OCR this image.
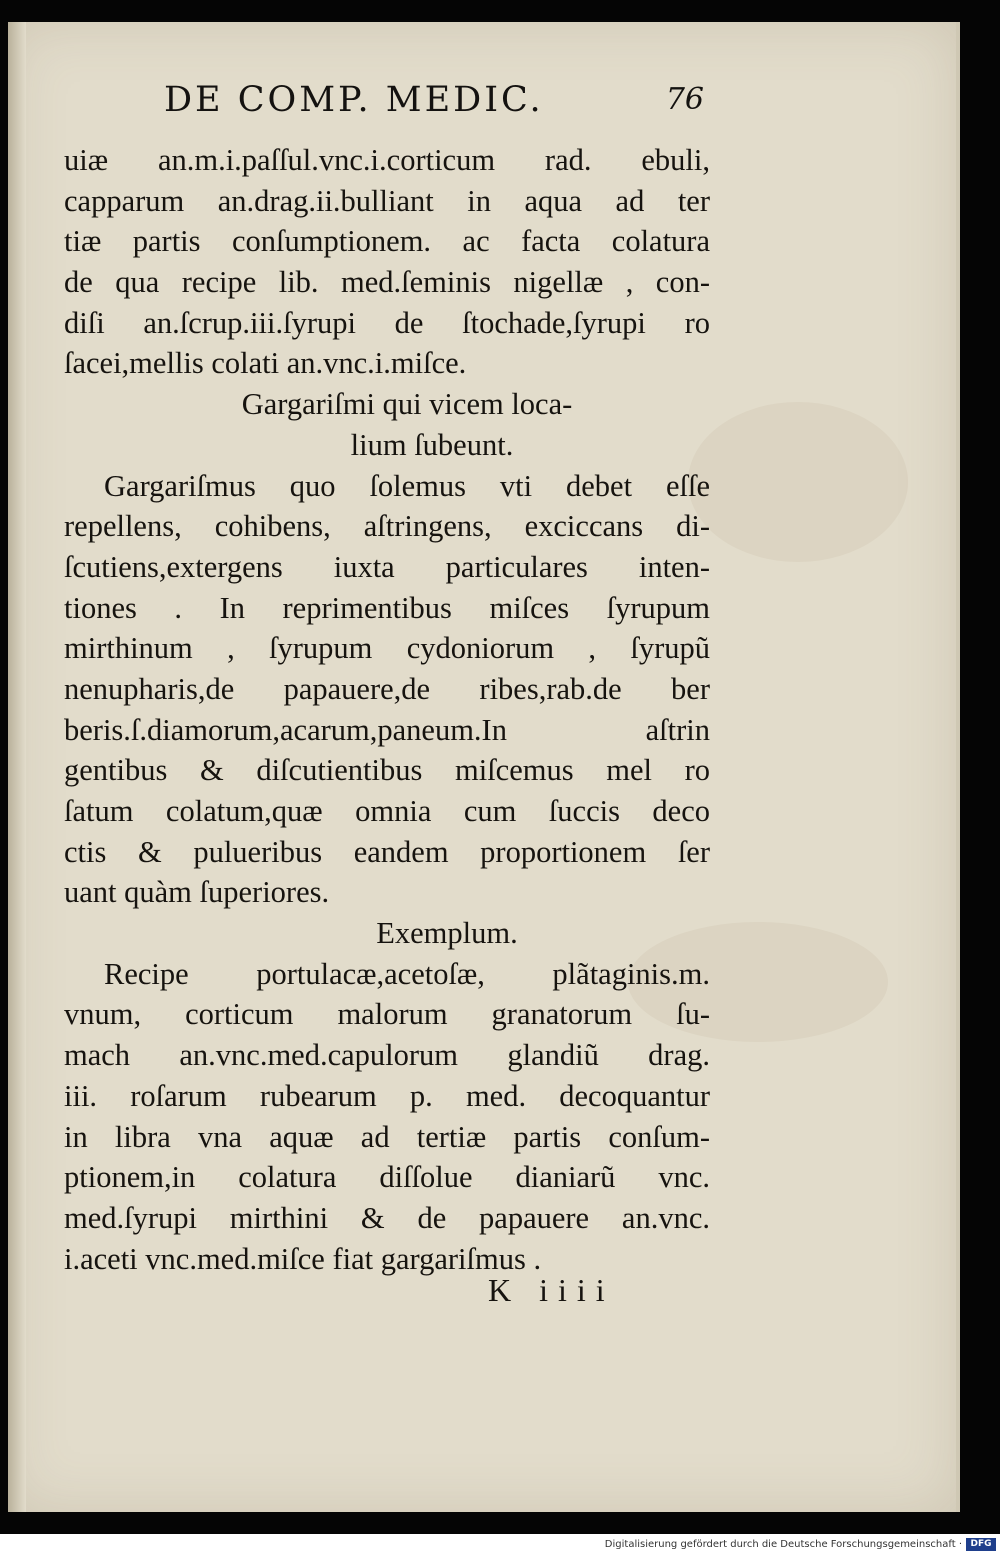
DE COMP. MEDIC.	76
uiæ an.m.i.paſſul.vnc.i.corticum rad. ebuli,
capparum an.drag.ii.bulliant in aqua ad ter
tiæ partis conſumptionem. ac facta colatura
de qua recipe lib. med.ſeminis nigellæ , con-
diſi an.ſcrup.iii.ſyrupi de ſtochade,ſyrupi ro
ſacei,mellis colati an.vnc.i.miſce.
Gargariſmi qui vicem loca-
lium ſubeunt.
Gargariſmus quo ſolemus vti debet eſſe
repellens, cohibens, aſtringens, exciccans di-
ſcutiens,extergens iuxta particulares inten-
tiones . In reprimentibus miſces ſyrupum
mirthinum , ſyrupum cydoniorum , ſyrupũ
nenupharis,de papauere,de ribes,rab.de ber
beris.ſ.diamorum,acarum,paneum.In aſtrin
gentibus & diſcutientibus miſcemus mel ro
ſatum colatum,quæ omnia cum ſuccis deco
ctis & pulueribus eandem proportionem ſer
uant quàm ſuperiores.
Exemplum.
Recipe portulacæ,acetoſæ, plãtaginis.m.
vnum, corticum malorum granatorum ſu-
mach an.vnc.med.capulorum glandiũ drag.
iii. roſarum rubearum p. med. decoquantur
in libra vna aquæ ad tertiæ partis conſum-
ptionem,in colatura diſſolue dianiarũ vnc.
med.ſyrupi mirthini & de papauere an.vnc.
i.aceti vnc.med.miſce fiat gargariſmus .
K iiii
Digitalisierung gefördert durch die Deutsche Forschungsgemeinschaft · DFG
